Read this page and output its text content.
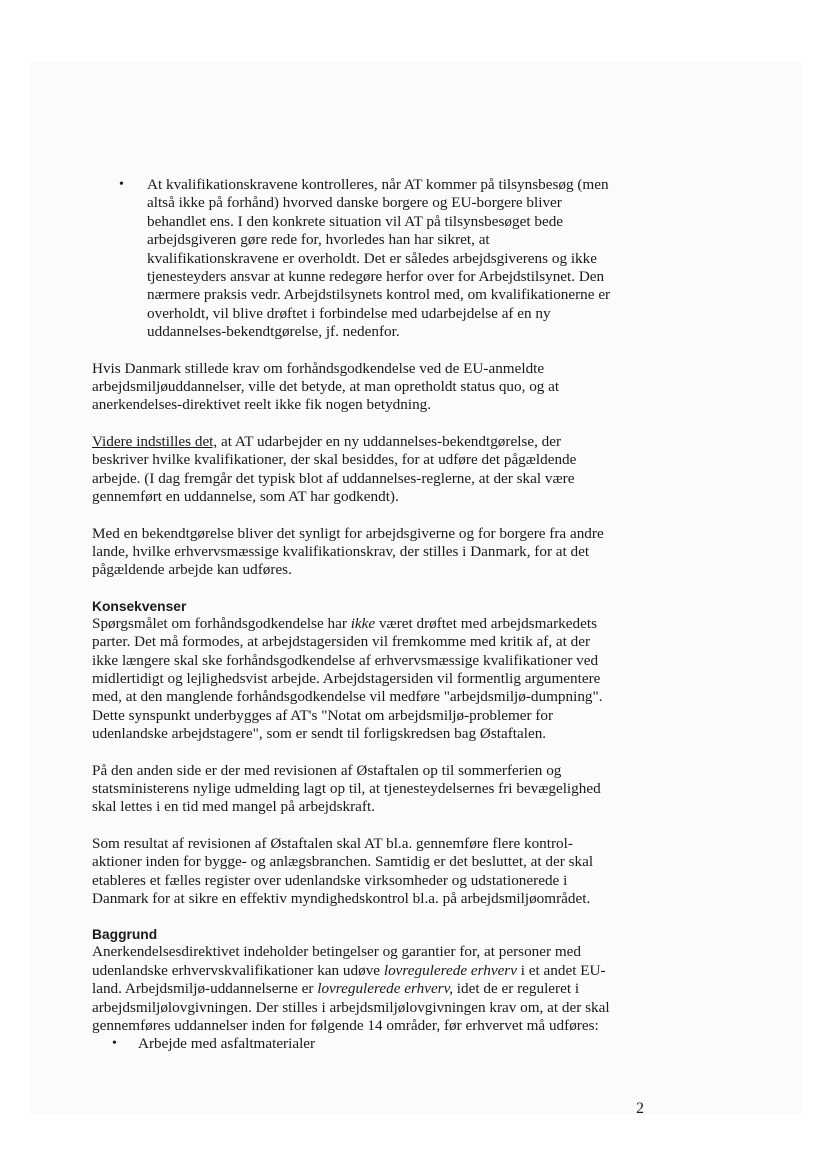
• At kvalifikationskravene kontrolleres, når AT kommer på tilsynsbesøg (men altså ikke på forhånd) hvorved danske borgere og EU-borgere bliver behandlet ens. I den konkrete situation vil AT på tilsynsbesøget bede arbejdsgiveren gøre rede for, hvorledes han har sikret, at kvalifikationskravene er overholdt. Det er således arbejdsgiverens og ikke tjenesteyders ansvar at kunne redegøre herfor over for Arbejdstilsynet. Den nærmere praksis vedr. Arbejdstilsynets kontrol med, om kvalifikationerne er overholdt, vil blive drøftet i forbindelse med udarbejdelse af en ny uddannelses-bekendtgørelse, jf. nedenfor.

Hvis Danmark stillede krav om forhåndsgodkendelse ved de EU-anmeldte arbejdsmiljøuddannelser, ville det betyde, at man opretholdt status quo, og at anerkendelses-direktivet reelt ikke fik nogen betydning.

Videre indstilles det, at AT udarbejder en ny uddannelses-bekendtgørelse, der beskriver hvilke kvalifikationer, der skal besiddes, for at udføre det pågældende arbejde. (I dag fremgår det typisk blot af uddannelses-reglerne, at der skal være gennemført en uddannelse, som AT har godkendt).

Med en bekendtgørelse bliver det synligt for arbejdsgiverne og for borgere fra andre lande, hvilke erhvervsmæssige kvalifikationskrav, der stilles i Danmark, for at det pågældende arbejde kan udføres.

Konsekvenser

Spørgsmålet om forhåndsgodkendelse har ikke været drøftet med arbejdsmarkedets parter. Det må formodes, at arbejdstagersiden vil fremkomme med kritik af, at der ikke længere skal ske forhåndsgodkendelse af erhvervsmæssige kvalifikationer ved midlertidigt og lejlighedsvist arbejde. Arbejdstagersiden vil formentlig argumentere med, at den manglende forhåndsgodkendelse vil medføre "arbejdsmiljø-dumpning". Dette synspunkt underbygges af AT's "Notat om arbejdsmiljø-problemer for udenlandske arbejdstagere", som er sendt til forligskredsen bag Østaftalen.

På den anden side er der med revisionen af Østaftalen op til sommerferien og statsministerens nylige udmelding lagt op til, at tjenesteydelsernes fri bevægelighed skal lettes i en tid med mangel på arbejdskraft.

Som resultat af revisionen af Østaftalen skal AT bl.a. gennemføre flere kontrol-aktioner inden for bygge- og anlægsbranchen. Samtidig er det besluttet, at der skal etableres et fælles register over udenlandske virksomheder og udstationerede i Danmark for at sikre en effektiv myndighedskontrol bl.a. på arbejdsmiljøområdet.

Baggrund

Anerkendelsesdirektivet indeholder betingelser og garantier for, at personer med udenlandske erhvervskvalifikationer kan udøve lovregulerede erhverv i et andet EU-land. Arbejdsmiljø-uddannelserne er lovregulerede erhverv, idet de er reguleret i arbejdsmiljølovgivningen. Der stilles i arbejdsmiljølovgivningen krav om, at der skal gennemføres uddannelser inden for følgende 14 områder, før erhvervet må udføres:

• Arbejde med asfaltmaterialer

2
